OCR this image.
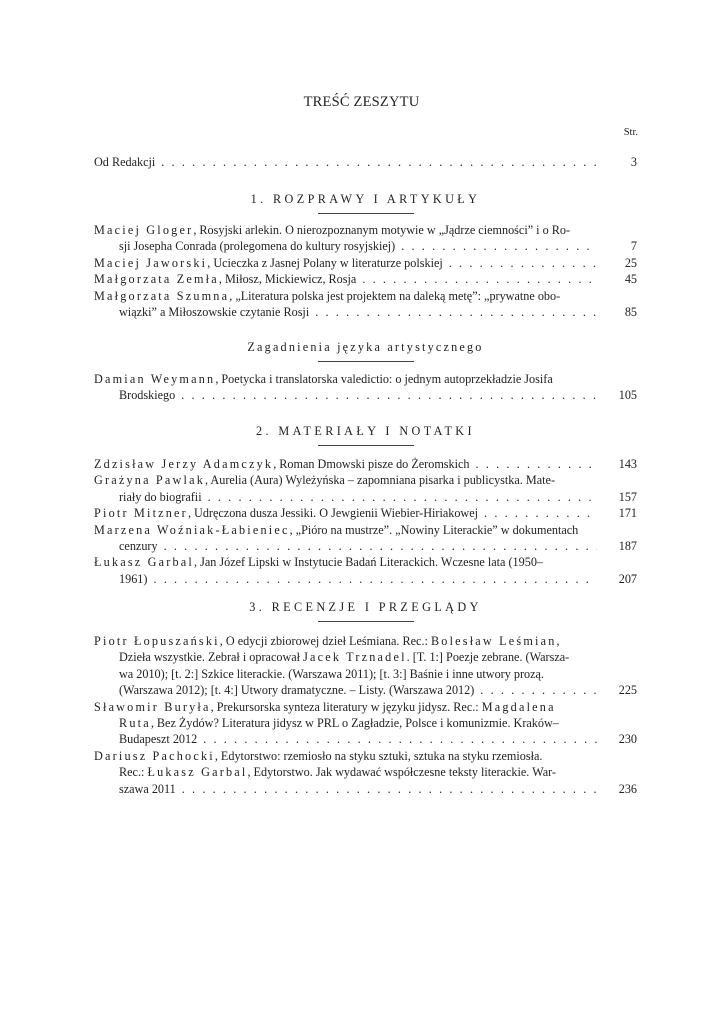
TREŚĆ ZESZYTU
Str.
Od Redakcji . . .	3
1. ROZPRAWY I ARTYKUŁY
Maciej Gloger, Rosyjski arlekin. O nierozpoznanym motywie w „Jądrze ciemności” i o Ro-
sji Josepha Conrada (prolegomena do kultury rosyjskiej) . . .	7
Maciej Jaworski, Ucieczka z Jasnej Polany w literaturze polskiej . . .	25
Małgorzata Zemła, Miłosz, Mickiewicz, Rosja . . .	45
Małgorzata Szumna, „Literatura polska jest projektem na daleką metę”: „prywatne obo-
wiązki” a Miłoszowskie czytanie Rosji . . .	85
Zagadnienia języka artystycznego
Damian Weymann, Poetycka i translatorska valedictio: o jednym autoprzekładzie Josifa
Brodskiego . . .	105
2. MATERIAŁY I NOTATKI
Zdzisław Jerzy Adamczyk, Roman Dmowski pisze do Żeromskich . . .	143
Grażyna Pawlak, Aurelia (Aura) Wyleżyńska – zapomniana pisarka i publicystka. Mate-
riały do biografii . . .	157
Piotr Mitzner, Udręczona dusza Jessiki. O Jewgienii Wiebier-Hiriakowej . . .	171
Marzena Woźniak-Łabieniec, „Pióro na mustrze”. „Nowiny Literackie” w dokumentach
cenzury . . .	187
Łukasz Garbal, Jan Józef Lipski w Instytucie Badań Literackich. Wczesne lata (1950–
1961) . . .	207
3. RECENZJE I PRZEGLĄDY
Piotr Łopuszański, O edycji zbiorowej dzieł Leśmiana. Rec.: Bolesław Leśmian,
Dzieła wszystkie. Zebrał i opracował Jacek Trznadel. [T. 1:] Poezje zebrane. (Warsza-
wa 2010); [t. 2:] Szkice literackie. (Warszawa 2011); [t. 3:] Baśnie i inne utwory prozą.
(Warszawa 2012); [t. 4:] Utwory dramatyczne. – Listy. (Warszawa 2012) . . .	225
Sławomir Buryła, Prekursorska synteza literatury w języku jidysz. Rec.: Magdalena
Ruta, Bez Żydów? Literatura jidysz w PRL o Zagładzie, Polsce i komunizmie. Kraków–
Budapeszt 2012 . . .	230
Dariusz Pachocki, Edytorstwo: rzemiosło na styku sztuki, sztuka na styku rzemiosła.
Rec.: Łukasz Garbal, Edytorstwo. Jak wydawać współczesne teksty literackie. War-
szawa 2011 . . .	236
